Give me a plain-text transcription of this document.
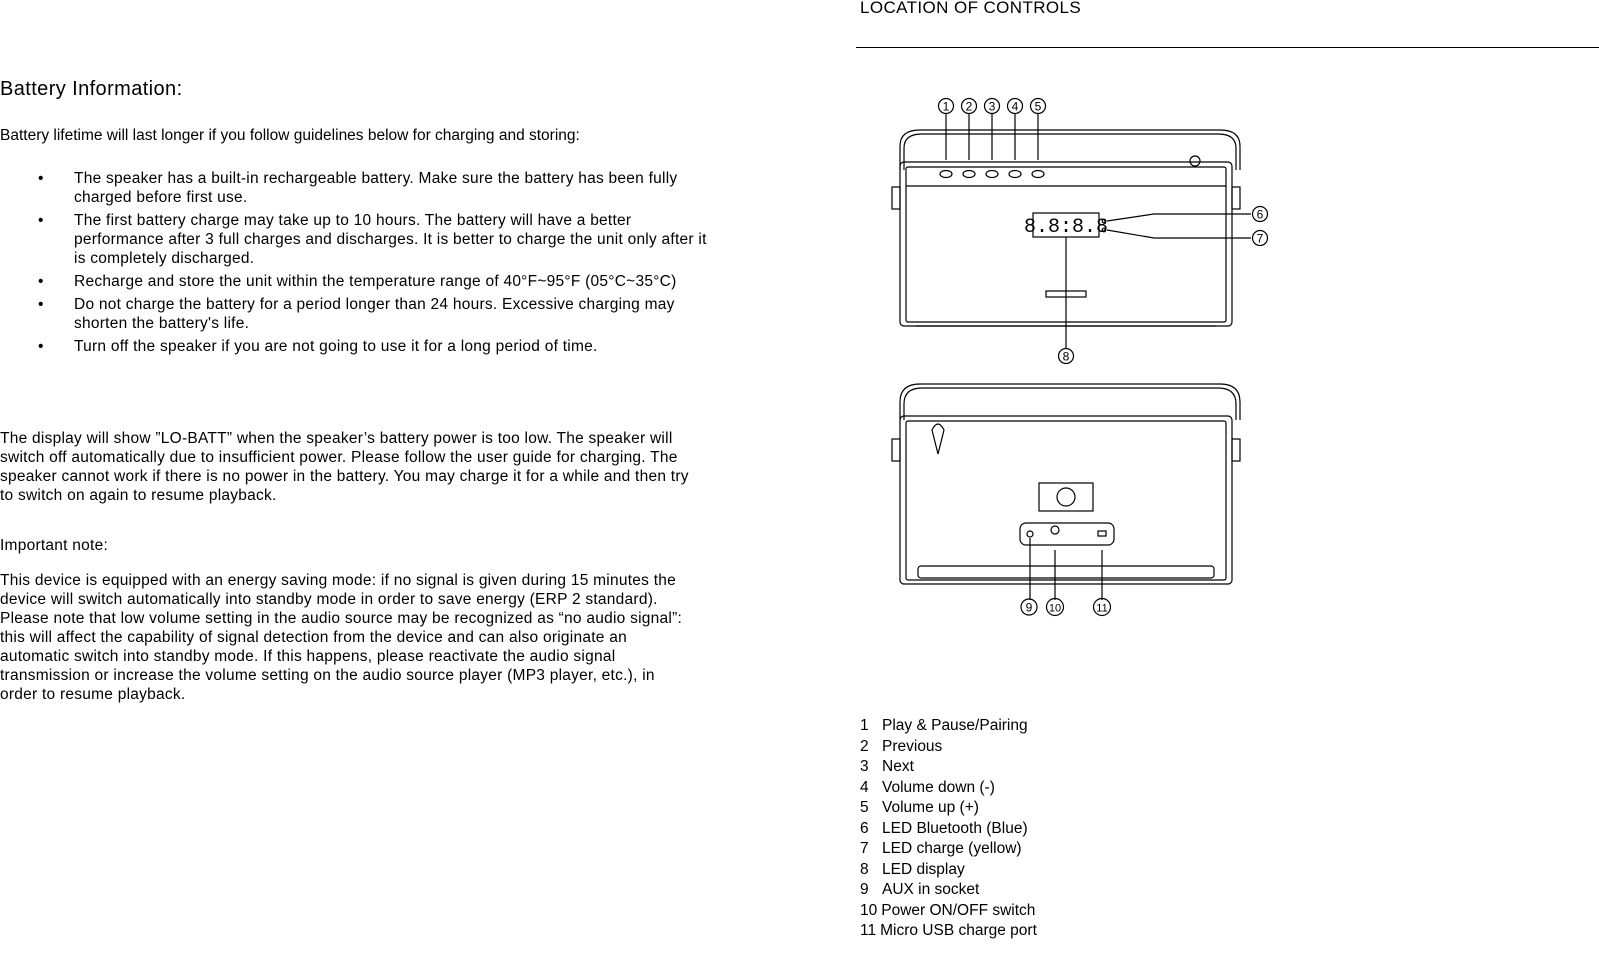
Battery Information:
Battery lifetime will last longer if you follow guidelines below for charging and storing:
• The speaker has a built-in rechargeable battery. Make sure the battery has been fully charged before first use.
• The first battery charge may take up to 10 hours. The battery will have a better performance after 3 full charges and discharges. It is better to charge the unit only after it is completely discharged.
• Recharge and store the unit within the temperature range of 40°F~95°F (05°C~35°C)
• Do not charge the battery for a period longer than 24 hours. Excessive charging may shorten the battery's life.
• Turn off the speaker if you are not going to use it for a long period of time.
The display will show ”LO-BATT” when the speaker’s battery power is too low. The speaker will switch off automatically due to insufficient power. Please follow the user guide for charging. The speaker cannot work if there is no power in the battery. You may charge it for a while and then try to switch on again to resume playback.
Important note:
This device is equipped with an energy saving mode: if no signal is given during 15 minutes the device will switch automatically into standby mode in order to save energy (ERP 2 standard). Please note that low volume setting in the audio source may be recognized as “no audio signal”: this will affect the capability of signal detection from the device and can also originate an automatic switch into standby mode. If this happens, please reactivate the audio signal transmission or increase the volume setting on the audio source player (MP3 player, etc.), in order to resume playback.
LOCATION OF CONTROLS
8.8:8.8
1 2 3 4 5
6
7
8
9 10	11
1 Play & Pause/Pairing
2 Previous
3 Next
4 Volume down (-)
5 Volume up (+)
6 LED Bluetooth (Blue)
7 LED charge (yellow)
8 LED display
9 AUX in socket
10 Power ON/OFF switch
11 Micro USB charge port
